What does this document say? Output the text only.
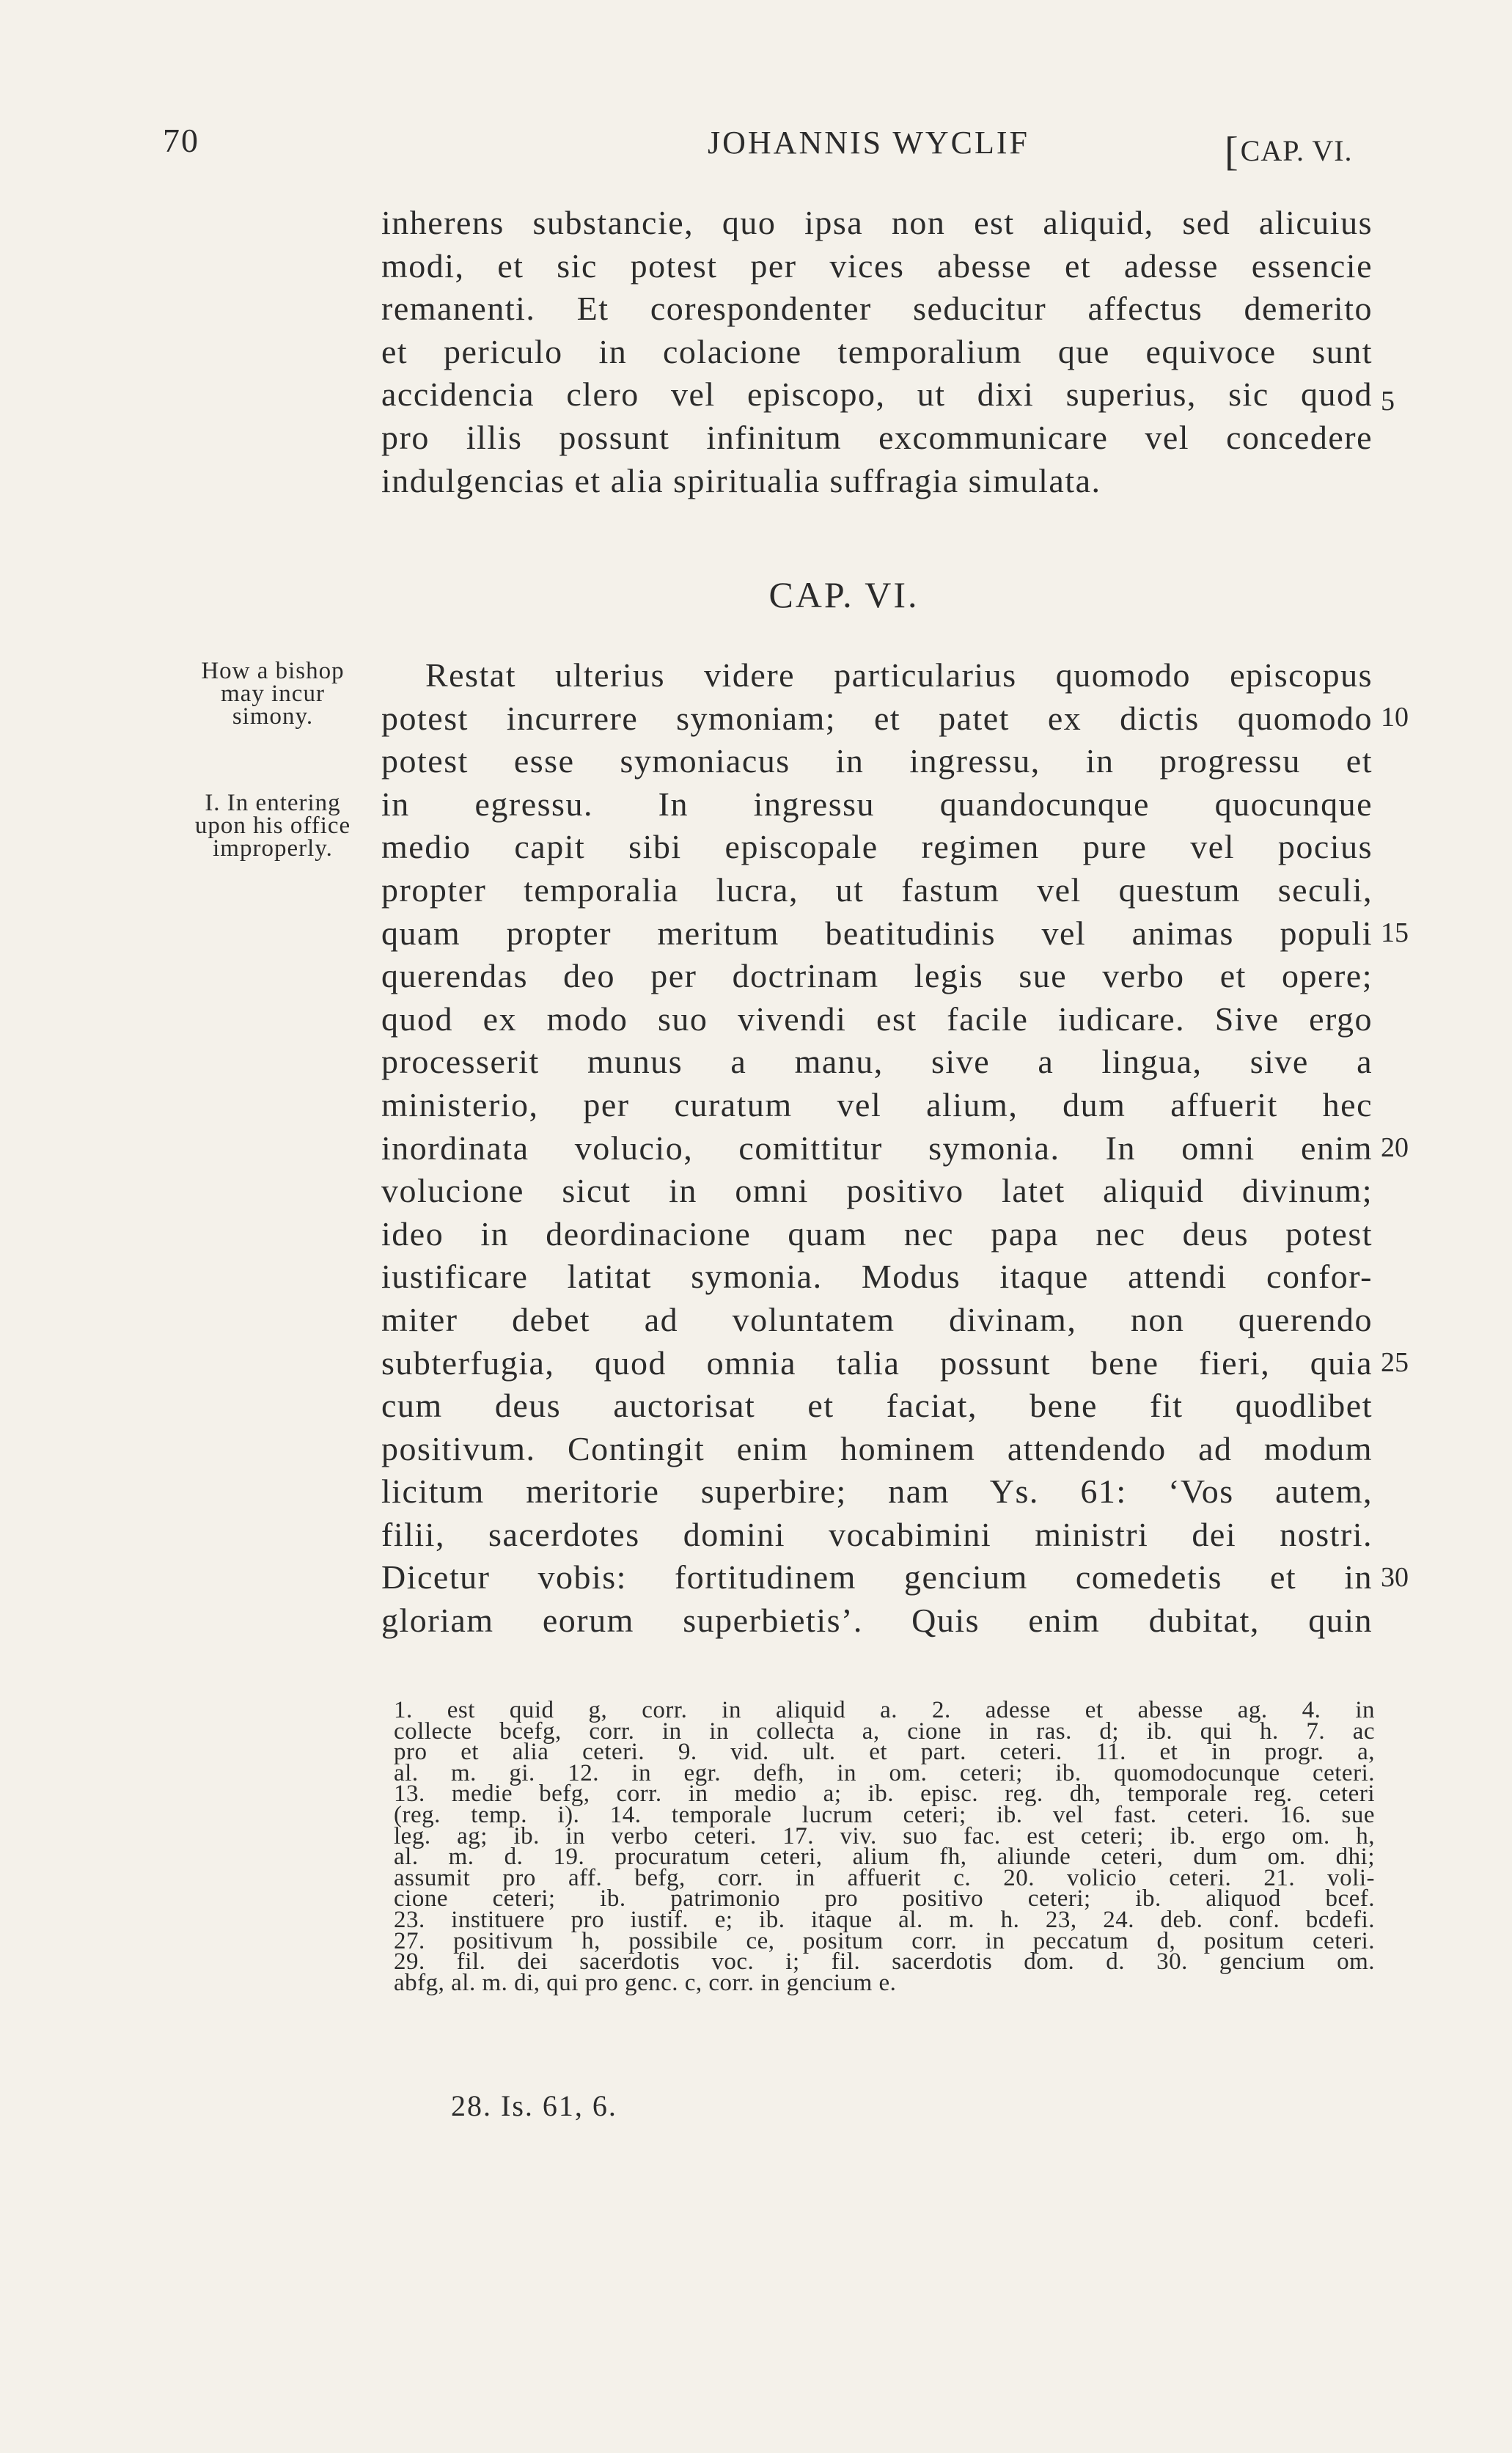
70	JOHANNIS WYCLIF	[CAP. VI.
inherens substancie, quo ipsa non est aliquid, sed alicuius
modi, et sic potest per vices abesse et adesse essencie
remanenti. Et corespondenter seducitur affectus demerito
et periculo in colacione temporalium que equivoce sunt
accidencia clero vel episcopo, ut dixi superius, sic quod
pro illis possunt infinitum excommunicare vel concedere
indulgencias et alia spiritualia suffragia simulata.
5
CAP. VI.
How a bishop
may incur
simony.
I. In entering
upon his office
improperly.
Restat ulterius videre particularius quomodo episcopus
potest incurrere symoniam; et patet ex dictis quomodo
potest esse symoniacus in ingressu, in progressu et
in egressu. In ingressu quandocunque quocunque
medio capit sibi episcopale regimen pure vel pocius
propter temporalia lucra, ut fastum vel questum seculi,
quam propter meritum beatitudinis vel animas populi
querendas deo per doctrinam legis sue verbo et opere;
quod ex modo suo vivendi est facile iudicare. Sive ergo
processerit munus a manu, sive a lingua, sive a
ministerio, per curatum vel alium, dum affuerit hec
inordinata volucio, comittitur symonia. In omni enim
volucione sicut in omni positivo latet aliquid divinum;
ideo in deordinacione quam nec papa nec deus potest
iustificare latitat symonia. Modus itaque attendi confor-
miter debet ad voluntatem divinam, non querendo
subterfugia, quod omnia talia possunt bene fieri, quia
cum deus auctorisat et faciat, bene fit quodlibet
positivum. Contingit enim hominem attendendo ad modum
licitum meritorie superbire; nam Ys. 61: ‘Vos autem,
filii, sacerdotes domini vocabimini ministri dei nostri.
Dicetur vobis: fortitudinem gencium comedetis et in
gloriam eorum superbietis’. Quis enim dubitat, quin
10
15
20
25
30
1. est quid g, corr. in aliquid a. 2. adesse et abesse ag. 4. in
collecte bcefg, corr. in in collecta a, cione in ras. d; ib. qui h. 7. ac
pro et alia ceteri. 9. vid. ult. et part. ceteri. 11. et in progr. a,
al. m. gi. 12. in egr. defh, in om. ceteri; ib. quomodocunque ceteri.
13. medie befg, corr. in medio a; ib. episc. reg. dh, temporale reg. ceteri
(reg. temp. i). 14. temporale lucrum ceteri; ib. vel fast. ceteri. 16. sue
leg. ag; ib. in verbo ceteri. 17. viv. suo fac. est ceteri; ib. ergo om. h,
al. m. d. 19. procuratum ceteri, alium fh, aliunde ceteri, dum om. dhi;
assumit pro aff. befg, corr. in affuerit c. 20. volicio ceteri. 21. voli-
cione ceteri; ib. patrimonio pro positivo ceteri; ib. aliquod bcef.
23. instituere pro iustif. e; ib. itaque al. m. h. 23, 24. deb. conf. bcdefi.
27. positivum h, possibile ce, positum corr. in peccatum d, positum ceteri.
29. fil. dei sacerdotis voc. i; fil. sacerdotis dom. d. 30. gencium om.
abfg, al. m. di, qui pro genc. c, corr. in gencium e.
28. Is. 61, 6.
